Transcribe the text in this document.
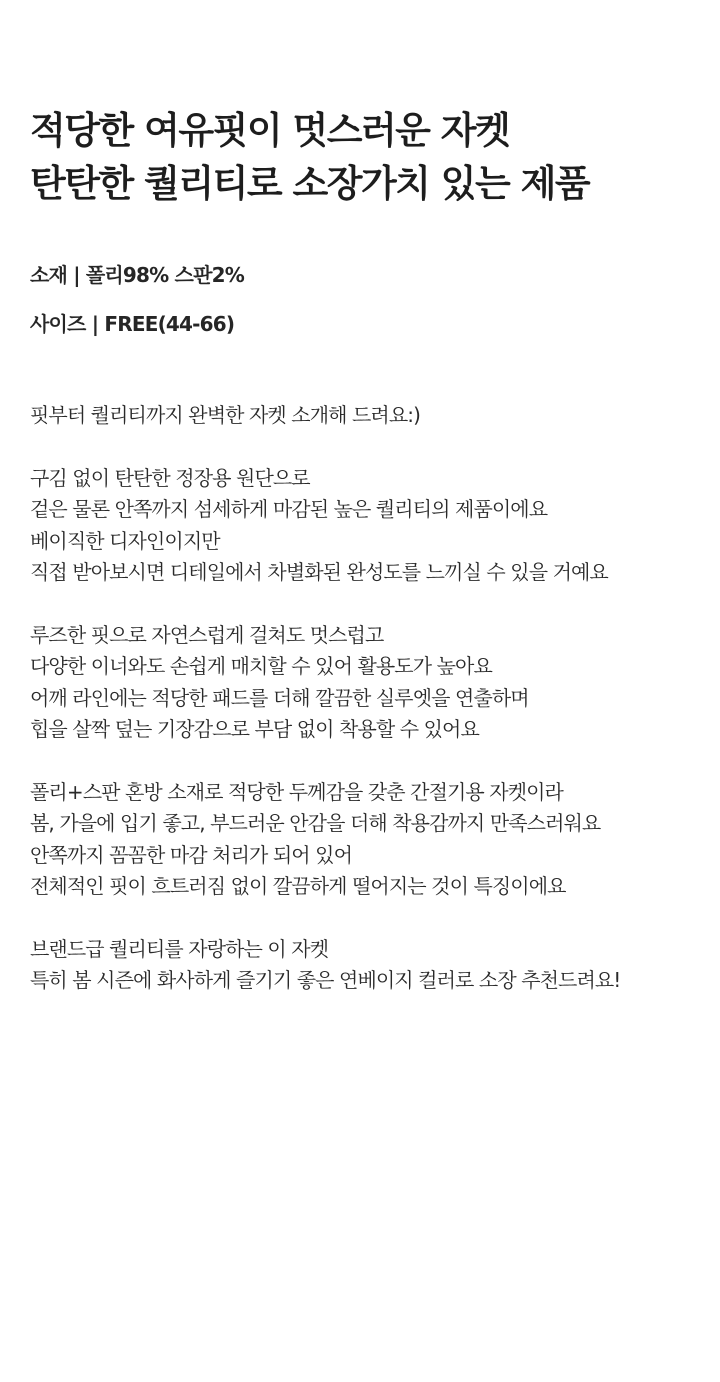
적당한 여유핏이 멋스러운 자켓
탄탄한 퀄리티로 소장가치 있는 제품

소재 | 폴리98% 스판2%

사이즈 | FREE(44-66)

핏부터 퀄리티까지 완벽한 자켓 소개해 드려요:)

구김 없이 탄탄한 정장용 원단으로
겉은 물론 안쪽까지 섬세하게 마감된 높은 퀄리티의 제품이에요
베이직한 디자인이지만
직접 받아보시면 디테일에서 차별화된 완성도를 느끼실 수 있을 거예요

루즈한 핏으로 자연스럽게 걸쳐도 멋스럽고
다양한 이너와도 손쉽게 매치할 수 있어 활용도가 높아요
어깨 라인에는 적당한 패드를 더해 깔끔한 실루엣을 연출하며
힙을 살짝 덮는 기장감으로 부담 없이 착용할 수 있어요

폴리+스판 혼방 소재로 적당한 두께감을 갖춘 간절기용 자켓이라
봄, 가을에 입기 좋고, 부드러운 안감을 더해 착용감까지 만족스러워요
안쪽까지 꼼꼼한 마감 처리가 되어 있어
전체적인 핏이 흐트러짐 없이 깔끔하게 떨어지는 것이 특징이에요

브랜드급 퀄리티를 자랑하는 이 자켓
특히 봄 시즌에 화사하게 즐기기 좋은 연베이지 컬러로 소장 추천드려요!
